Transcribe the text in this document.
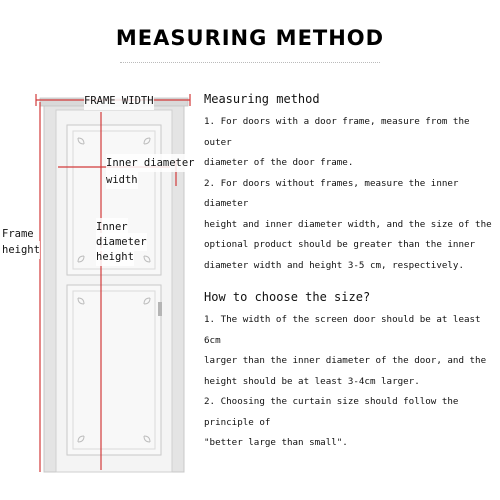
MEASURING METHOD
FRAME WIDTH
Inner diameter
width
Frame
height
Inner
diameter
height
Measuring method
1. For doors with a door frame, measure from the outer
diameter of the door frame.
2. For doors without frames, measure the inner diameter
height and inner diameter width, and the size of the
optional product should be greater than the inner
diameter width and height 3-5 cm, respectively.
How to choose the size?
1. The width of the screen door should be at least 6cm
larger than the inner diameter of the door, and the
height should be at least 3-4cm larger.
2. Choosing the curtain size should follow the principle of
"better large than small".
